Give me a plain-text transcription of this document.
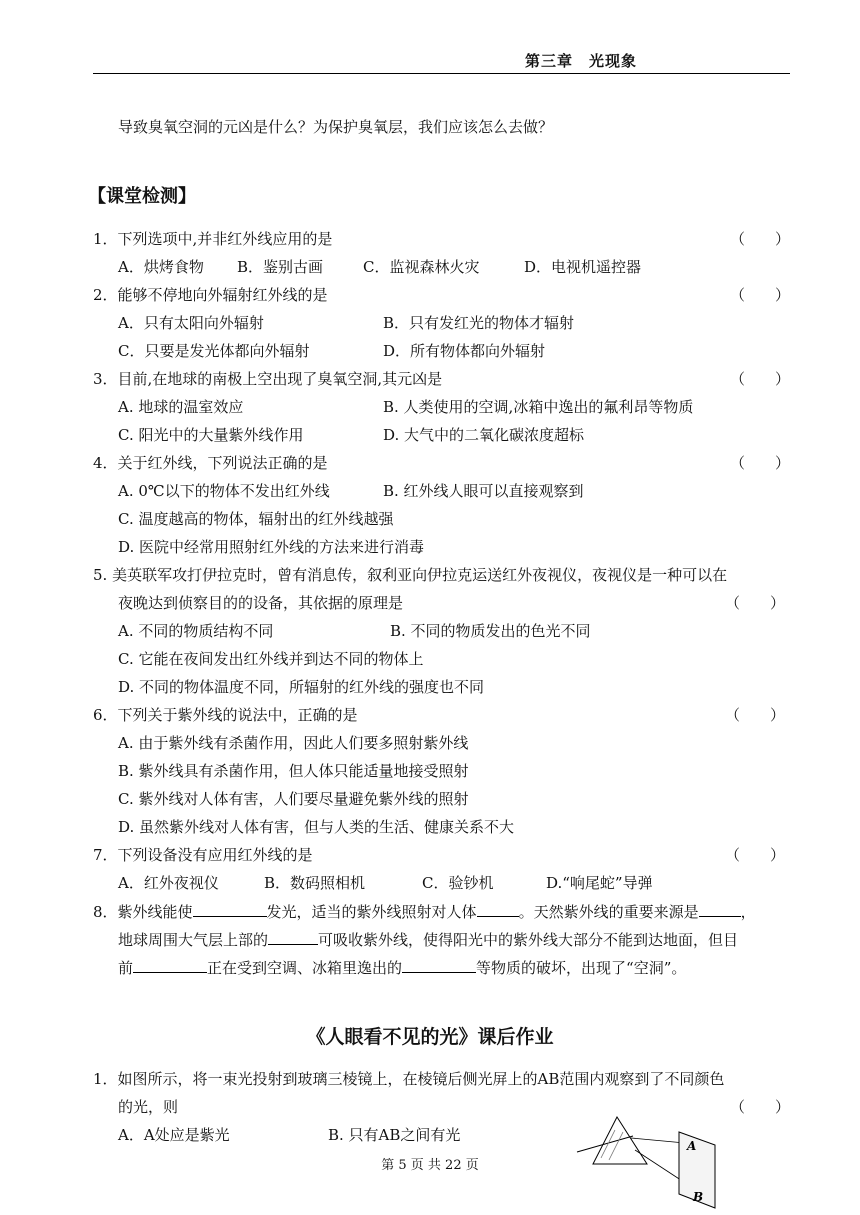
第三章　光现象
导致臭氧空洞的元凶是什么？为保护臭氧层，我们应该怎么去做？
【课堂检测】
1．下列选项中,并非红外线应用的是	（　　）
A．烘烤食物 B．鉴别古画	C．监视森林火灾	D．电视机遥控器
2．能够不停地向外辐射红外线的是	（　　）
A．只有太阳向外辐射	B．只有发红光的物体才辐射
C．只要是发光体都向外辐射	D．所有物体都向外辐射
3．目前,在地球的南极上空出现了臭氧空洞,其元凶是	（　　）
A. 地球的温室效应	B. 人类使用的空调,冰箱中逸出的氟利昂等物质
C. 阳光中的大量紫外线作用	D. 大气中的二氧化碳浓度超标
4．关于红外线，下列说法正确的是	（　　）
A. 0℃以下的物体不发出红外线	B. 红外线人眼可以直接观察到
C. 温度越高的物体，辐射出的红外线越强
D. 医院中经常用照射红外线的方法来进行消毒
5. 美英联军攻打伊拉克时，曾有消息传，叙利亚向伊拉克运送红外夜视仪，夜视仪是一种可以在
夜晚达到侦察目的的设备，其依据的原理是	（　　）
A. 不同的物质结构不同	B. 不同的物质发出的色光不同
C. 它能在夜间发出红外线并到达不同的物体上
D. 不同的物体温度不同，所辐射的红外线的强度也不同
6．下列关于紫外线的说法中，正确的是	（　　）
A. 由于紫外线有杀菌作用，因此人们要多照射紫外线
B. 紫外线具有杀菌作用，但人体只能适量地接受照射
C. 紫外线对人体有害，人们要尽量避免紫外线的照射
D. 虽然紫外线对人体有害，但与人类的生活、健康关系不大
7．下列设备没有应用红外线的是	（　　）
A．红外夜视仪	B．数码照相机	C．验钞机	D.“响尾蛇”导弹
8．紫外线能使	发光，适当的紫外线照射对人体	。天然紫外线的重要来源是	，
地球周围大气层上部的	可吸收紫外线，使得阳光中的紫外线大部分不能到达地面，但目
前	正在受到空调、冰箱里逸出的	等物质的破坏，出现了“空洞”。
《人眼看不见的光》课后作业
1．如图所示，将一束光投射到玻璃三棱镜上，在棱镜后侧光屏上的AB范围内观察到了不同颜色
的光，则	（　　）
A．A处应是紫光	B. 只有AB之间有光
A
B
第 5 页 共 22 页
